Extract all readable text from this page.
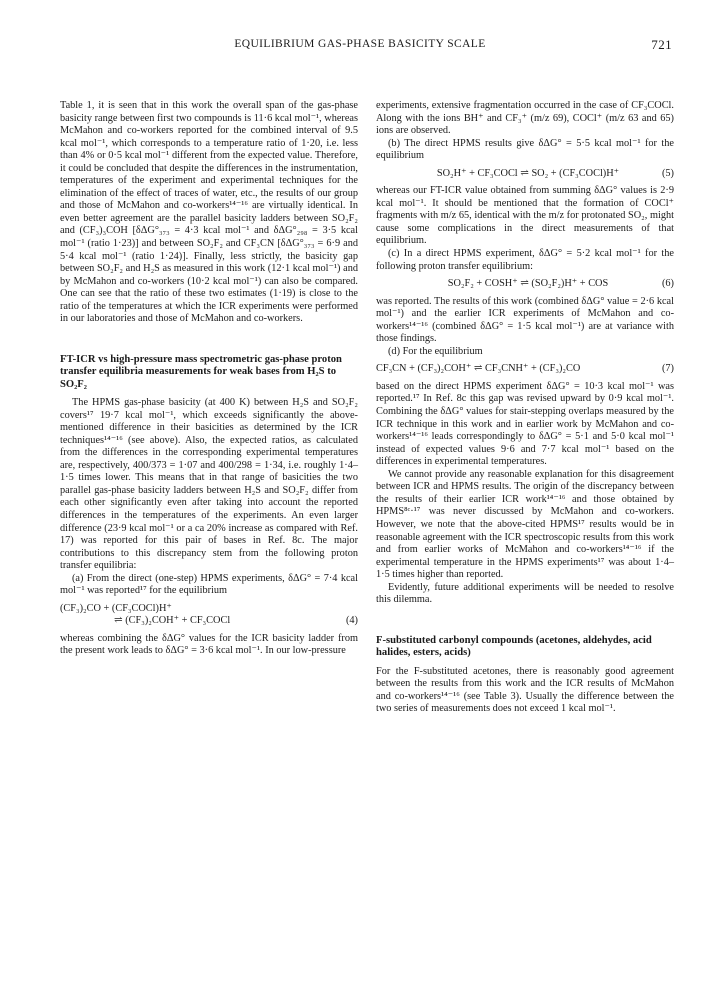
EQUILIBRIUM GAS-PHASE BASICITY SCALE	721

Table 1, it is seen that in this work the overall span of the gas-phase basicity range between first two compounds is 11·6 kcal mol⁻¹, whereas McMahon and co-workers reported for the combined interval of 9.5 kcal mol⁻¹, which corresponds to a temperature ratio of 1·20, i.e. less than 4% or 0·5 kcal mol⁻¹ different from the expected value. Therefore, it could be concluded that despite the differences in the instrumentation, temperatures of the experiment and experimental techniques for the elimination of the effect of traces of water, etc., the results of our group and those of McMahon and co-workers¹⁴⁻¹⁶ are virtually identical. In even better agreement are the parallel basicity ladders between SO₂F₂ and (CF₃)₃COH [δΔG°₃₇₃ = 4·3 kcal mol⁻¹ and δΔG°₂₉₈ = 3·5 kcal mol⁻¹ (ratio 1·23)] and between SO₂F₂ and CF₃CN [δΔG°₃₇₃ = 6·9 and 5·4 kcal mol⁻¹ (ratio 1·24)]. Finally, less strictly, the basicity gap between SO₂F₂ and H₂S as measured in this work (12·1 kcal mol⁻¹) and by McMahon and co-workers (10·2 kcal mol⁻¹) can also be compared. One can see that the ratio of these two estimates (1·19) is close to the ratio of the temperatures at which the ICR experiments were performed in our laboratories and those of McMahon and co-workers.

FT-ICR vs high-pressure mass spectrometric gas-phase proton transfer equilibria measurements for weak bases from H₂S to SO₂F₂

The HPMS gas-phase basicity (at 400 K) between H₂S and SO₂F₂ covers¹⁷ 19·7 kcal mol⁻¹, which exceeds significantly the above-mentioned difference in their basicities as determined by the ICR techniques¹⁴⁻¹⁶ (see above). Also, the expected ratios, as calculated from the differences in the corresponding experimental temperatures are, respectively, 400/373 = 1·07 and 400/298 = 1·34, i.e. roughly 1·4–1·5 times lower. This means that in that range of basicities the two parallel gas-phase basicity ladders between H₂S and SO₂F₂ differ from each other significantly even after taking into account the reported differences in the temperatures of the experiments. An even larger difference (23·9 kcal mol⁻¹ or a ca 20% increase as compared with Ref. 17) was reported for this pair of bases in Ref. 8c. The major contributions to this discrepancy stem from the following proton transfer equilibria:

(a) From the direct (one-step) HPMS experiments, δΔG° = 7·4 kcal mol⁻¹ was reported¹⁷ for the equilibrium

(CF₃)₂CO + (CF₃COCl)H⁺
⇌ (CF₃)₂COH⁺ + CF₃COCl	(4)

whereas combining the δΔG° values for the ICR basicity ladder from the present work leads to δΔG° = 3·6 kcal mol⁻¹. In our low-pressure

experiments, extensive fragmentation occurred in the case of CF₃COCl. Along with the ions BH⁺ and CF₃⁺ (m/z 69), COCl⁺ (m/z 63 and 65) ions are observed.

(b) The direct HPMS results give δΔG° = 5·5 kcal mol⁻¹ for the equilibrium

SO₂H⁺ + CF₃COCl ⇌ SO₂ + (CF₃COCl)H⁺	(5)

whereas our FT-ICR value obtained from summing δΔG° values is 2·9 kcal mol⁻¹. It should be mentioned that the formation of COCl⁺ fragments with m/z 65, identical with the m/z for protonated SO₂, might cause some complications in the direct measurements of that equilibrium.

(c) In a direct HPMS experiment, δΔG° = 5·2 kcal mol⁻¹ for the following proton transfer equilibrium:

SO₂F₂ + COSH⁺ ⇌ (SO₂F₂)H⁺ + COS	(6)

was reported. The results of this work (combined δΔG° value = 2·6 kcal mol⁻¹) and the earlier ICR experiments of McMahon and co-workers¹⁴⁻¹⁶ (combined δΔG° = 1·5 kcal mol⁻¹) are at variance with those findings.

(d) For the equilibrium

CF₃CN + (CF₃)₂COH⁺ ⇌ CF₃CNH⁺ + (CF₃)₂CO	(7)

based on the direct HPMS experiment δΔG° = 10·3 kcal mol⁻¹ was reported.¹⁷ In Ref. 8c this gap was revised upward by 0·9 kcal mol⁻¹. Combining the δΔG° values for stair-stepping overlaps measured by the ICR technique in this work and in earlier work by McMahon and co-workers¹⁴⁻¹⁶ leads correspondingly to δΔG° = 5·1 and 5·0 kcal mol⁻¹ instead of expected values 9·6 and 7·7 kcal mol⁻¹ based on the differences in experimental temperatures.

We cannot provide any reasonable explanation for this disagreement between ICR and HPMS results. The origin of the discrepancy between the results of their earlier ICR work¹⁴⁻¹⁶ and those obtained by HPMS⁸ᶜ·¹⁷ was never discussed by McMahon and co-workers. However, we note that the above-cited HPMS¹⁷ results would be in reasonable agreement with the ICR spectroscopic results from this work and from earlier works of McMahon and co-workers¹⁴⁻¹⁶ if the experimental temperature in the HPMS experiments¹⁷ was about 1·4–1·5 times higher than reported.

Evidently, future additional experiments will be needed to resolve this dilemma.

F-substituted carbonyl compounds (acetones, aldehydes, acid halides, esters, acids)

For the F-substituted acetones, there is reasonably good agreement between the results from this work and the ICR results of McMahon and co-workers¹⁴⁻¹⁶ (see Table 3). Usually the difference between the two series of measurements does not exceed 1 kcal mol⁻¹.
